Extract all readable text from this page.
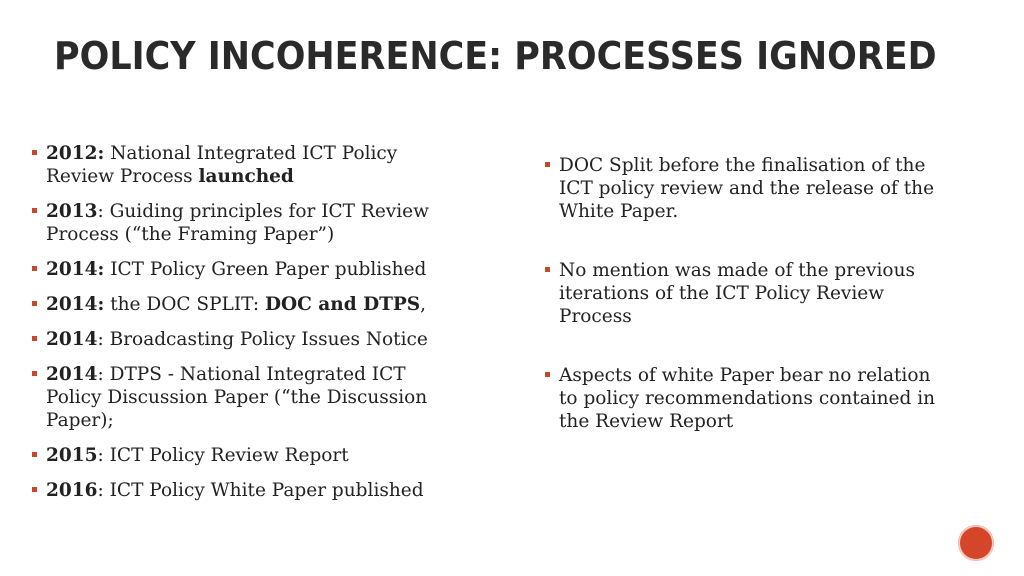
POLICY INCOHERENCE: PROCESSES IGNORED
2012: National Integrated ICT Policy Review Process launched
2013: Guiding principles for ICT Review Process (“the Framing Paper”)
2014: ICT Policy Green Paper published
2014: the DOC SPLIT: DOC and DTPS,
2014: Broadcasting Policy Issues Notice
2014: DTPS - National Integrated ICT Policy Discussion Paper (“the Discussion Paper);
2015: ICT Policy Review Report
2016: ICT Policy White Paper published
DOC Split before the finalisation of the ICT policy review and the release of the White Paper.
No mention was made of the previous iterations of the ICT Policy Review Process
Aspects of white Paper bear no relation to policy recommendations contained in the Review Report
